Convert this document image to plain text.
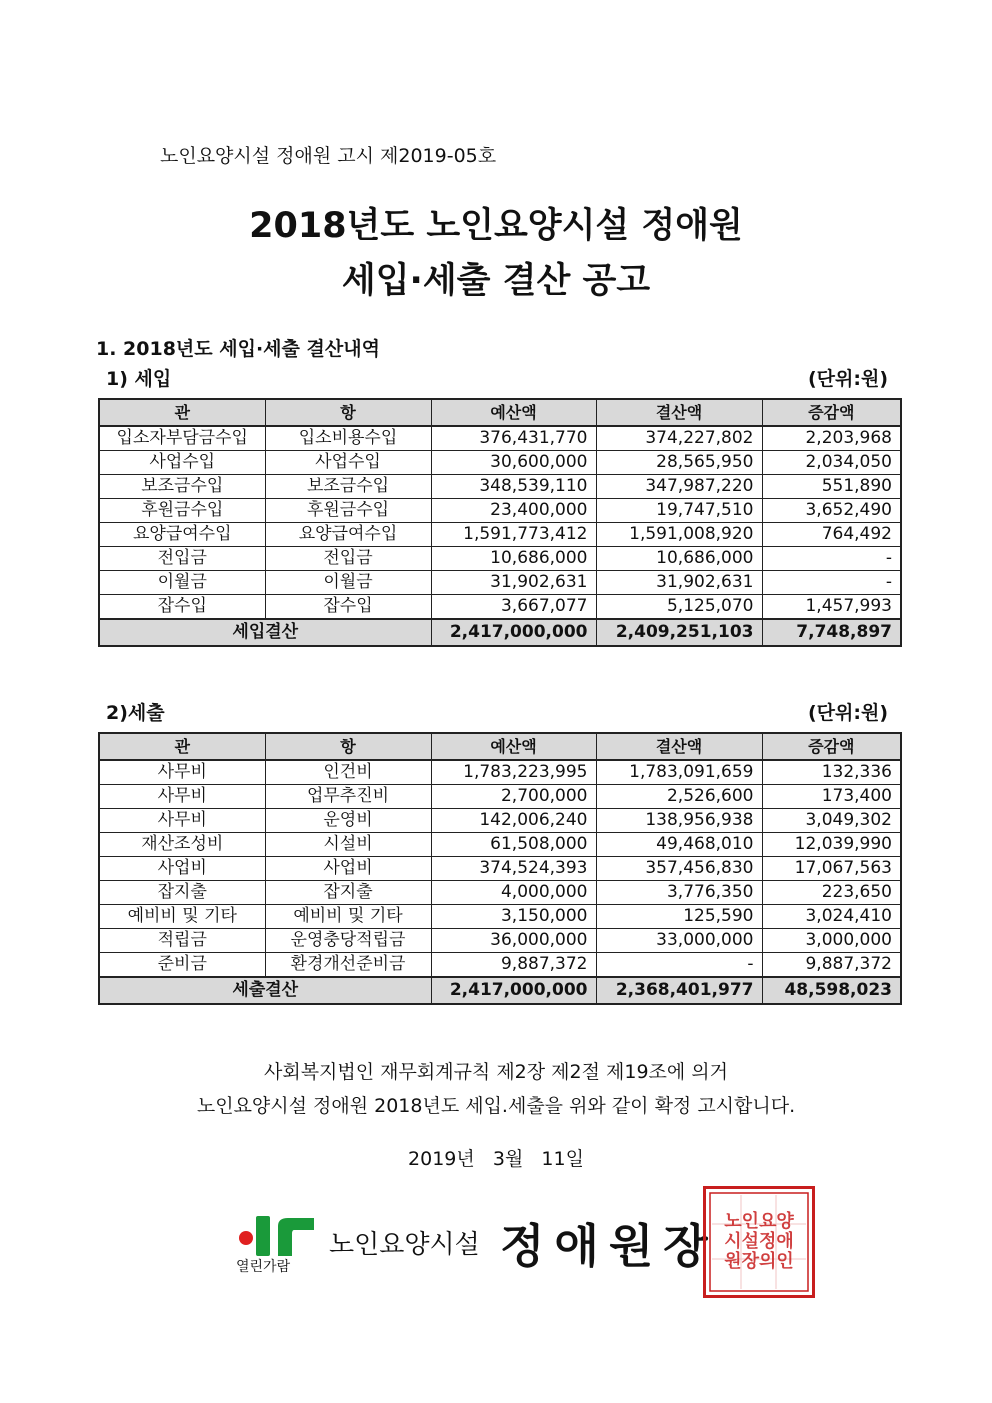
노인요양시설 정애원 고시 제2019-05호
2018년도 노인요양시설 정애원
세입·세출 결산 공고
1. 2018년도 세입·세출 결산내역
1) 세입	(단위:원)
관	항	예산액	결산액	증감액
입소자부담금수입	입소비용수입	376,431,770	374,227,802	2,203,968
사업수입	사업수입	30,600,000	28,565,950	2,034,050
보조금수입	보조금수입	348,539,110	347,987,220	551,890
후원금수입	후원금수입	23,400,000	19,747,510	3,652,490
요양급여수입	요양급여수입	1,591,773,412	1,591,008,920	764,492
전입금	전입금	10,686,000	10,686,000	-
이월금	이월금	31,902,631	31,902,631	-
잡수입	잡수입	3,667,077	5,125,070	1,457,993
세입결산		2,417,000,000	2,409,251,103	7,748,897
2)세출	(단위:원)
관	항	예산액	결산액	증감액
사무비	인건비	1,783,223,995	1,783,091,659	132,336
사무비	업무추진비	2,700,000	2,526,600	173,400
사무비	운영비	142,006,240	138,956,938	3,049,302
재산조성비	시설비	61,508,000	49,468,010	12,039,990
사업비	사업비	374,524,393	357,456,830	17,067,563
잡지출	잡지출	4,000,000	3,776,350	223,650
예비비 및 기타	예비비 및 기타	3,150,000	125,590	3,024,410
적립금	운영충당적립금	36,000,000	33,000,000	3,000,000
준비금	환경개선준비금	9,887,372	-	9,887,372
세출결산		2,417,000,000	2,368,401,977	48,598,023
사회복지법인 재무회계규칙 제2장 제2절 제19조에 의거
노인요양시설 정애원 2018년도 세입.세출을 위와 같이 확정 고시합니다.
2019년   3월   11일
열린가람
노인요양시설 정애원장 노인요양시설정애원장의인
